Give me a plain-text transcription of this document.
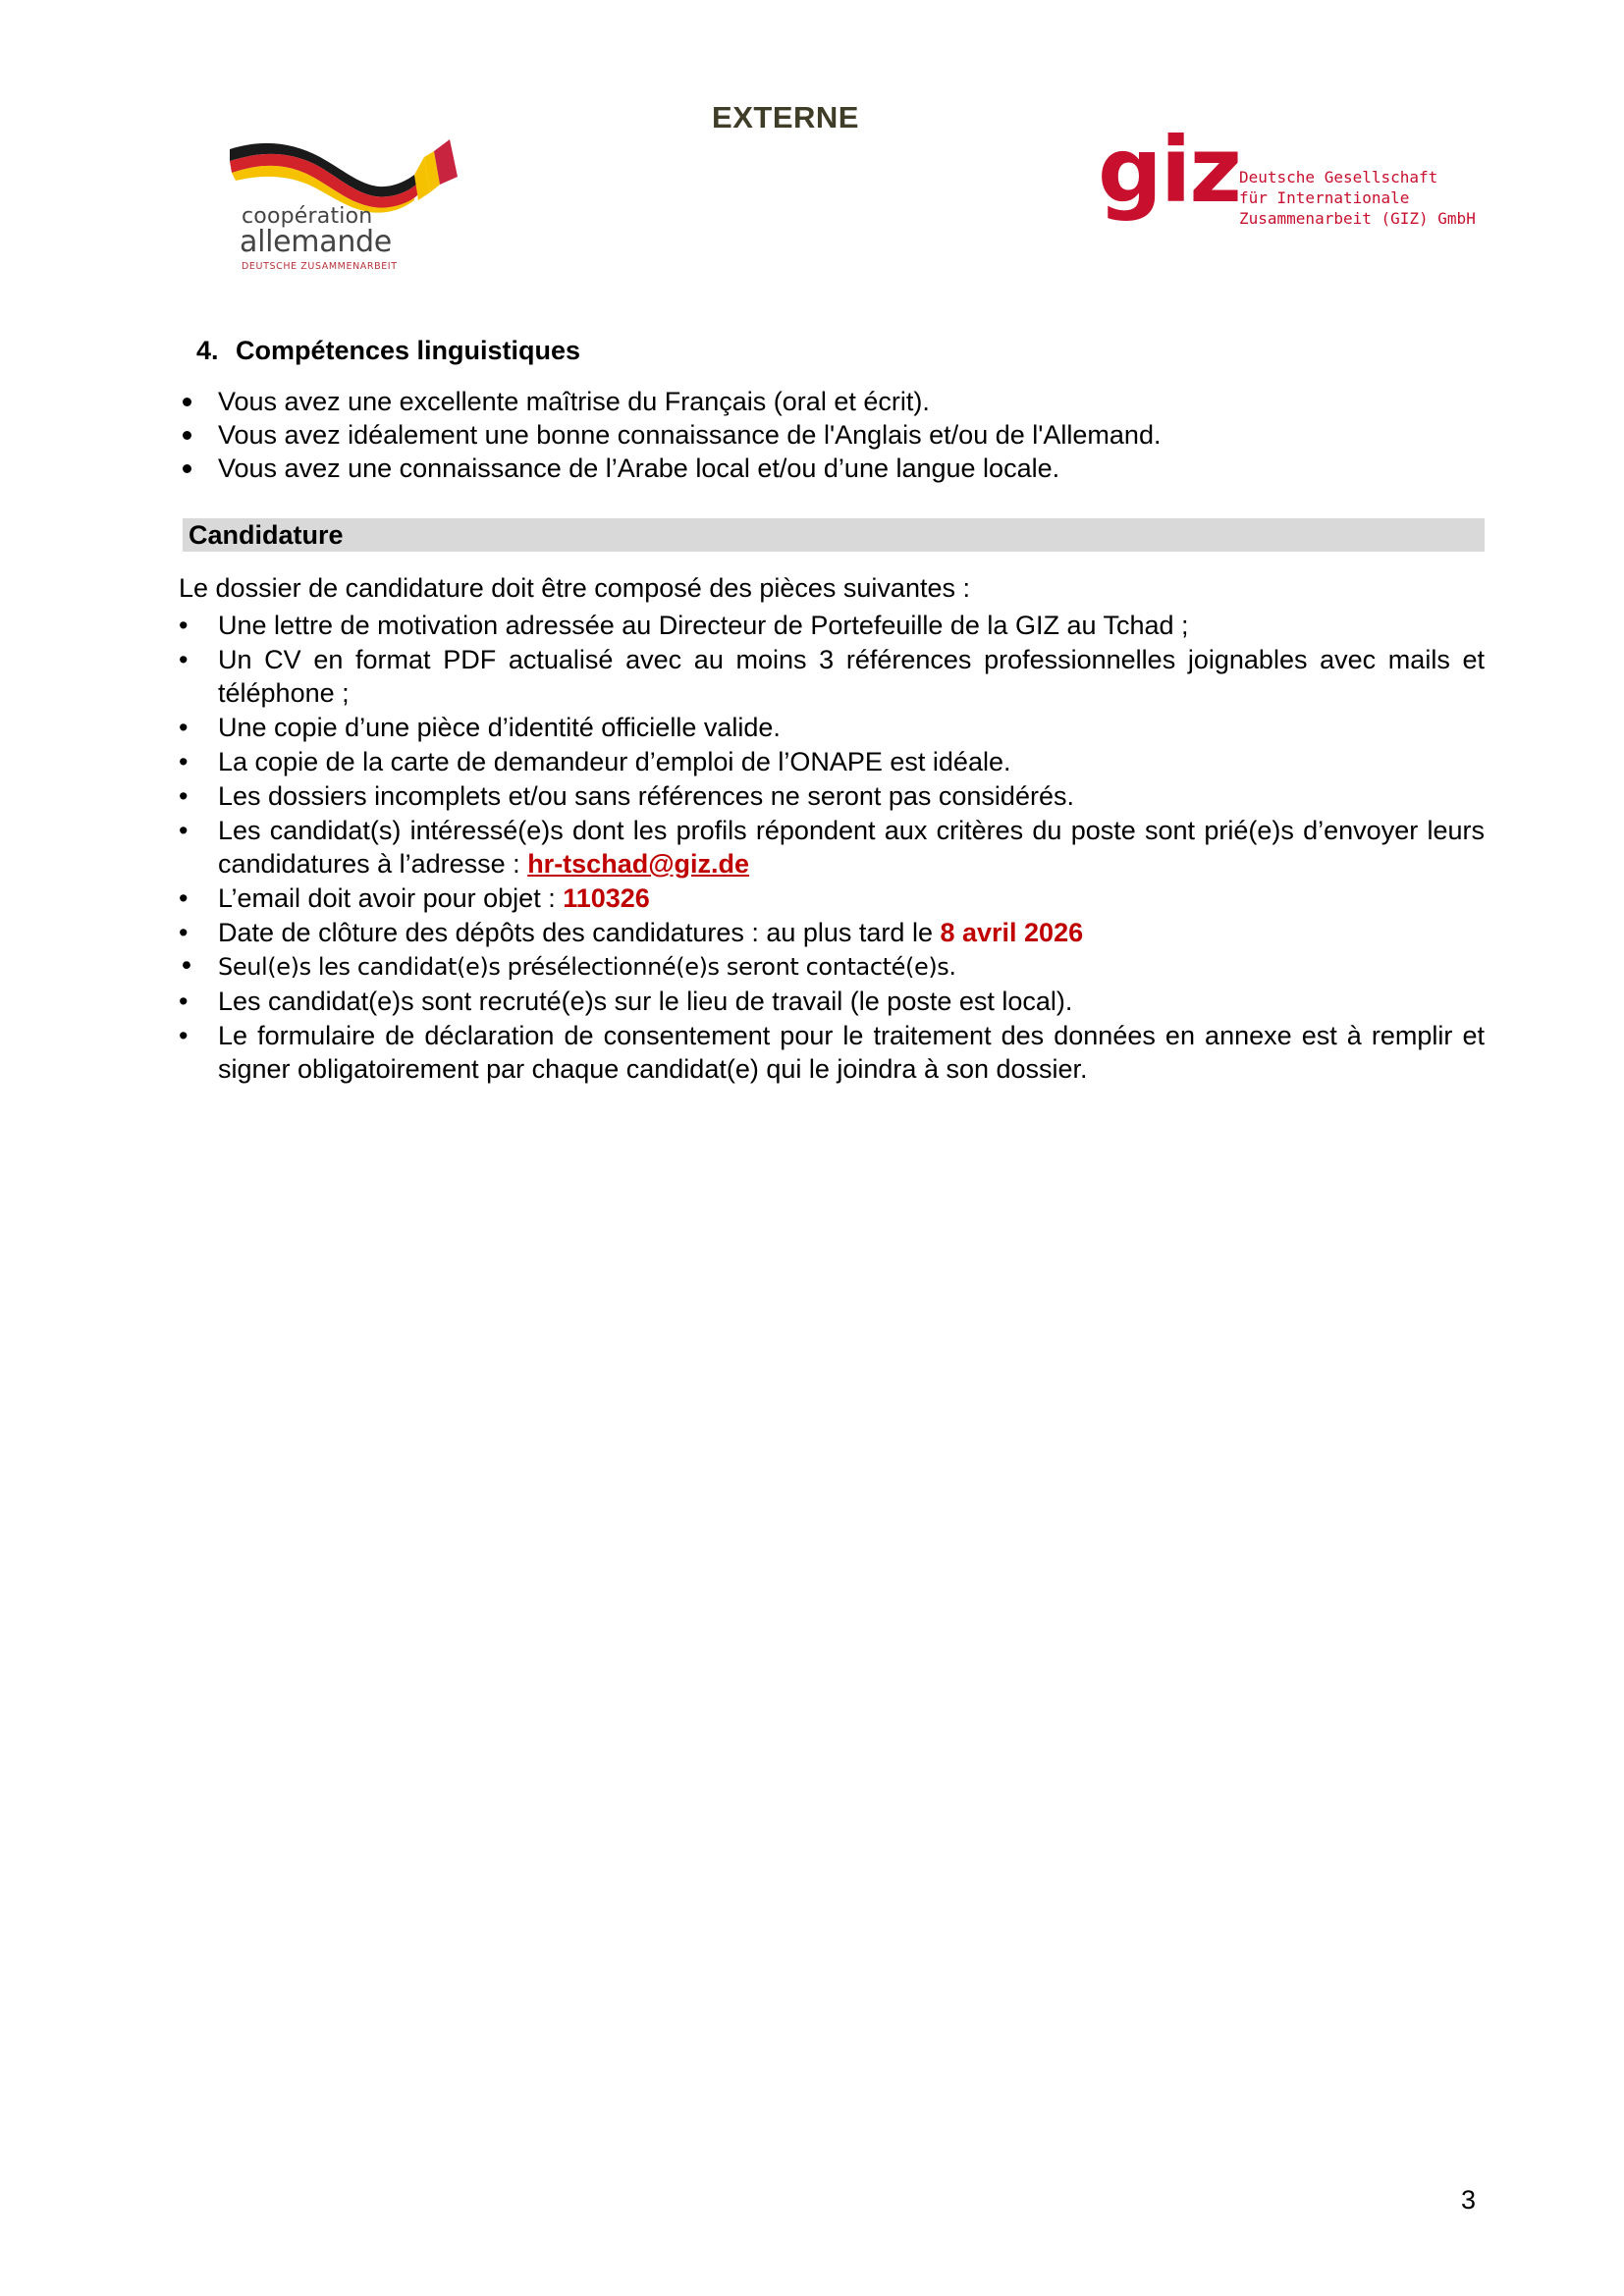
EXTERNE
coopération
allemande
DEUTSCHE ZUSAMMENARBEIT
giz Deutsche Gesellschaft
für Internationale
Zusammenarbeit (GIZ) GmbH
4. Compétences linguistiques
Vous avez une excellente maîtrise du Français (oral et écrit).
Vous avez idéalement une bonne connaissance de l'Anglais et/ou de l'Allemand.
Vous avez une connaissance de l’Arabe local et/ou d’une langue locale.
Candidature
Le dossier de candidature doit être composé des pièces suivantes :
• Une lettre de motivation adressée au Directeur de Portefeuille de la GIZ au Tchad ;
• Un CV en format PDF actualisé avec au moins 3 références professionnelles joignables avec mails et téléphone ;
• Une copie d’une pièce d’identité officielle valide.
• La copie de la carte de demandeur d’emploi de l’ONAPE est idéale.
• Les dossiers incomplets et/ou sans références ne seront pas considérés.
• Les candidat(s) intéressé(e)s dont les profils répondent aux critères du poste sont prié(e)s d’envoyer leurs candidatures à l’adresse : hr-tschad@giz.de
• L’email doit avoir pour objet : 110326
• Date de clôture des dépôts des candidatures : au plus tard le 8 avril 2026
• Seul(e)s les candidat(e)s présélectionné(e)s seront contacté(e)s.
• Les candidat(e)s sont recruté(e)s sur le lieu de travail (le poste est local).
• Le formulaire de déclaration de consentement pour le traitement des données en annexe est à remplir et signer obligatoirement par chaque candidat(e) qui le joindra à son dossier.
3
